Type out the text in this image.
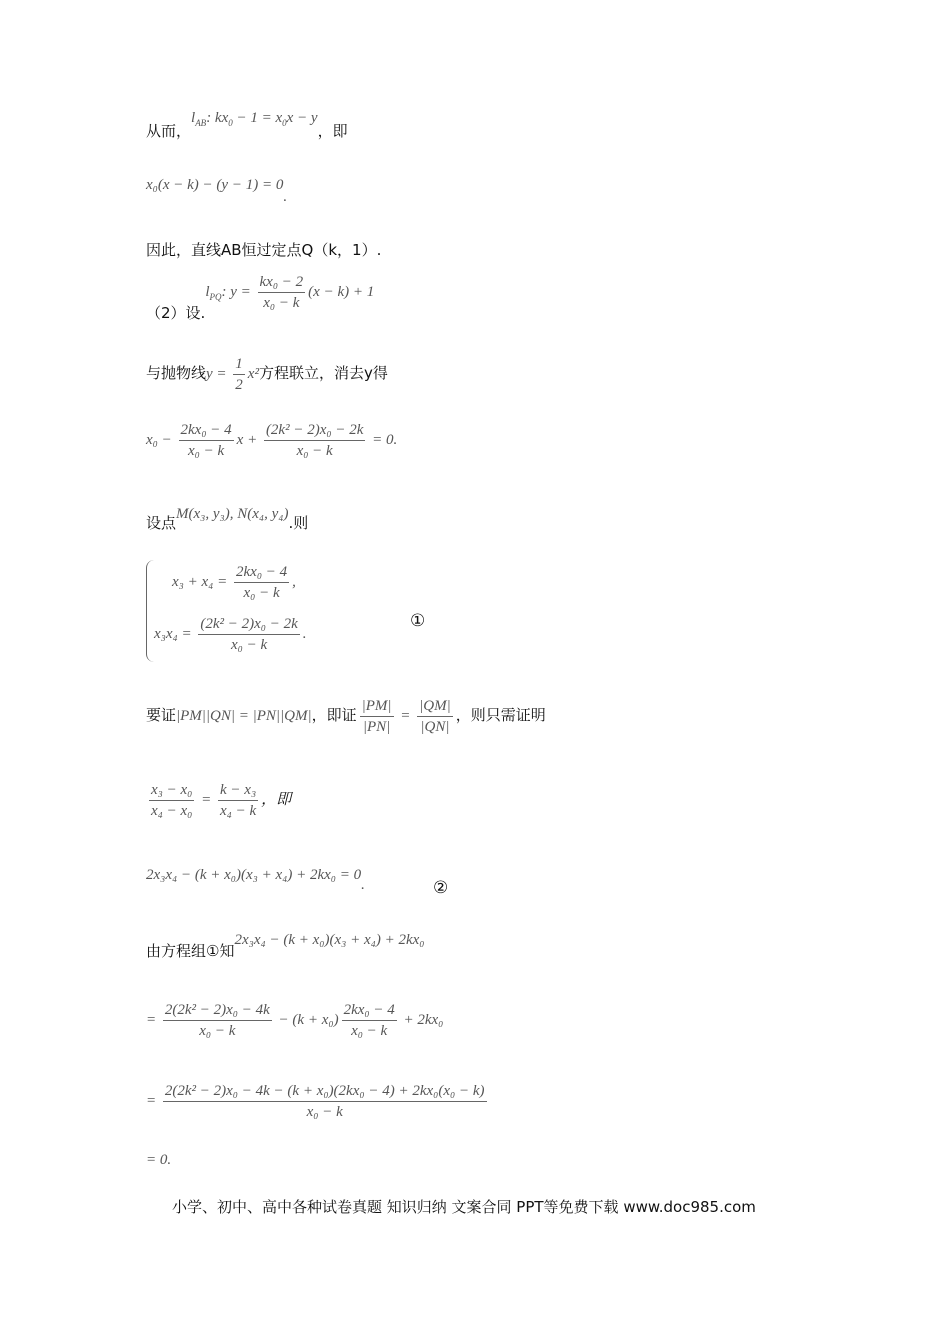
从而，$l_{AB}$: $kx_0 - 1 = x_0x - y$，即
x₀(x − k) − (y − 1) = 0.
因此，直线AB恒过定点Q（k，1）.
（2）设$.l_{PQ}$: $y = \frac{\text{kx₀ − 2}}{\text{x₀ − k}} (x - k) + 1$
与抛物线$y = \frac{1}{2} x^2$方程联立，消去y得
$x_0 - \frac{\text{2kx₀ − 4}}{\text{x₀ − k}}$ $x + \frac{\text{(2k² − 2)x₀ − 2k}}{\text{x₀ − k}} = 0$.
设点M(x₃, y₃), N(x₄, y₄).则
$x_3 + x_4 = \frac{\text{2kx₀ − 4}}{\text{x₀ − k}}$ ,
$x_3x_4 = \frac{\text{(2k² − 2)x₀ − 2k}}{\text{x₀ − k}}$ .
①
要证|PM||QN| = |PN||QM|，即证 $\frac{|PM|}{|PN|} = \frac{|QM|}{|QN|}$ ，则只需证明
$\frac{\text{x₃ − x₀}}{\text{x₄ − x₀}} = \frac{\text{k − x₃}}{\text{x₄ − k}}$ ，即
2x₃x₄ − (k + x₀)(x₃ + x₄) + 2kx₀ = 0.	②
由方程组①知2x₃x₄ − (k + x₀)(x₃ + x₄) + 2kx₀
= $\frac{\text{2(2k² − 2)x₀ − 4k}}{\text{x₀ − k}} - (k + x_0) \frac{\text{2kx₀ − 4}}{\text{x₀ − k}} + 2kx_0$
= $\frac{\text{2(2k² − 2)x₀ − 4k − (k + x₀)(2kx₀ − 4) + 2kx₀(x₀ − k)}}{\text{x₀ − k}}$
= 0.
小学、初中、高中各种试卷真题 知识归纳 文案合同 PPT等免费下载 www.doc985.com
